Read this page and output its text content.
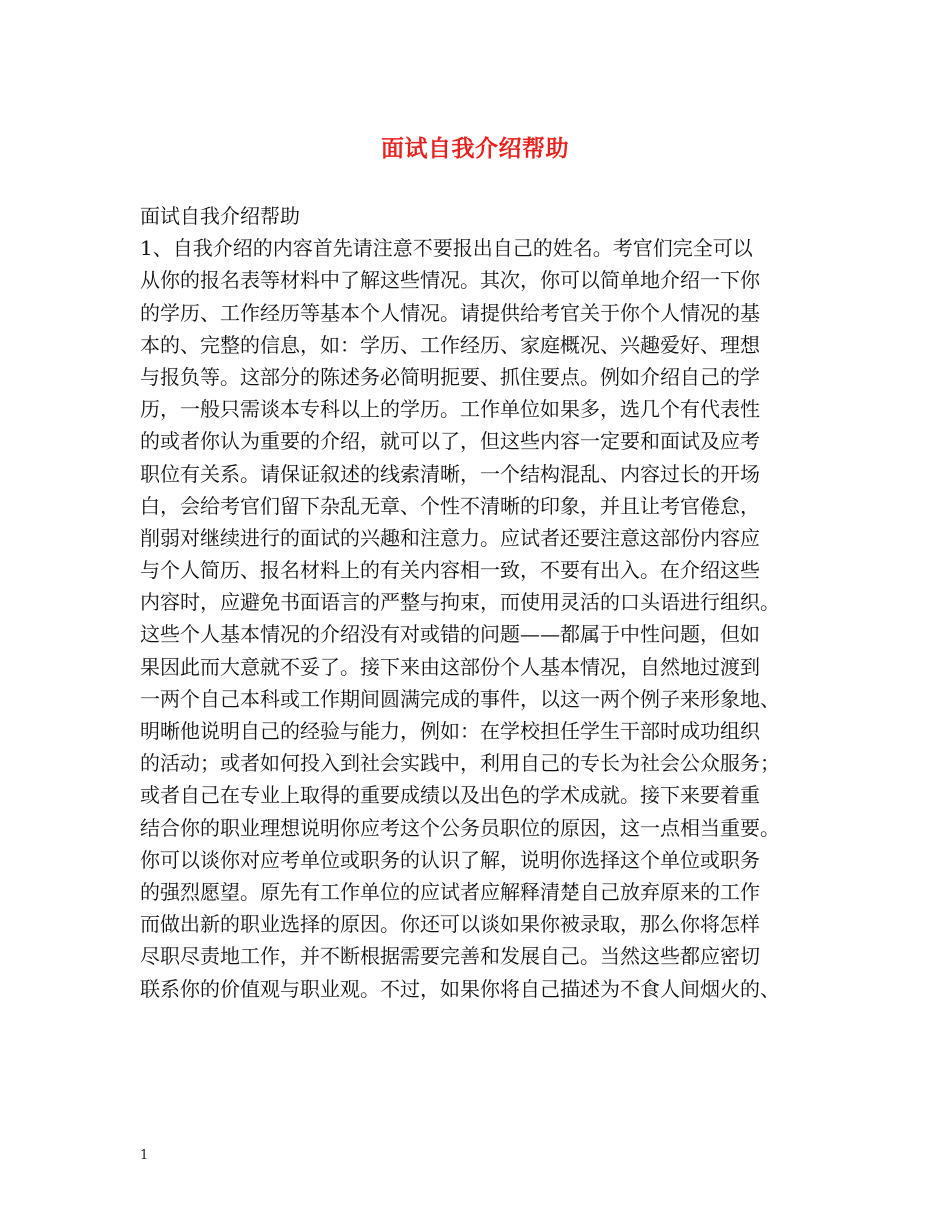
面试自我介绍帮助
面试自我介绍帮助
1、自我介绍的内容首先请注意不要报出自己的姓名。考官们完全可以
从你的报名表等材料中了解这些情况。其次，你可以简单地介绍一下你
的学历、工作经历等基本个人情况。请提供给考官关于你个人情况的基
本的、完整的信息，如：学历、工作经历、家庭概况、兴趣爱好、理想
与报负等。这部分的陈述务必简明扼要、抓住要点。例如介绍自己的学
历，一般只需谈本专科以上的学历。工作单位如果多，选几个有代表性
的或者你认为重要的介绍，就可以了，但这些内容一定要和面试及应考
职位有关系。请保证叙述的线索清晰，一个结构混乱、内容过长的开场
白，会给考官们留下杂乱无章、个性不清晰的印象，并且让考官倦怠，
削弱对继续进行的面试的兴趣和注意力。应试者还要注意这部份内容应
与个人简历、报名材料上的有关内容相一致，不要有出入。在介绍这些
内容时，应避免书面语言的严整与拘束，而使用灵活的口头语进行组织。
这些个人基本情况的介绍没有对或错的问题——都属于中性问题，但如
果因此而大意就不妥了。接下来由这部份个人基本情况，自然地过渡到
一两个自己本科或工作期间圆满完成的事件，以这一两个例子来形象地、
明晰他说明自己的经验与能力，例如：在学校担任学生干部时成功组织
的活动；或者如何投入到社会实践中，利用自己的专长为社会公众服务；
或者自己在专业上取得的重要成绩以及出色的学术成就。接下来要着重
结合你的职业理想说明你应考这个公务员职位的原因，这一点相当重要。
你可以谈你对应考单位或职务的认识了解，说明你选择这个单位或职务
的强烈愿望。原先有工作单位的应试者应解释清楚自己放弃原来的工作
而做出新的职业选择的原因。你还可以谈如果你被录取，那么你将怎样
尽职尽责地工作，并不断根据需要完善和发展自己。当然这些都应密切
联系你的价值观与职业观。不过，如果你将自己描述为不食人间烟火的、
1
